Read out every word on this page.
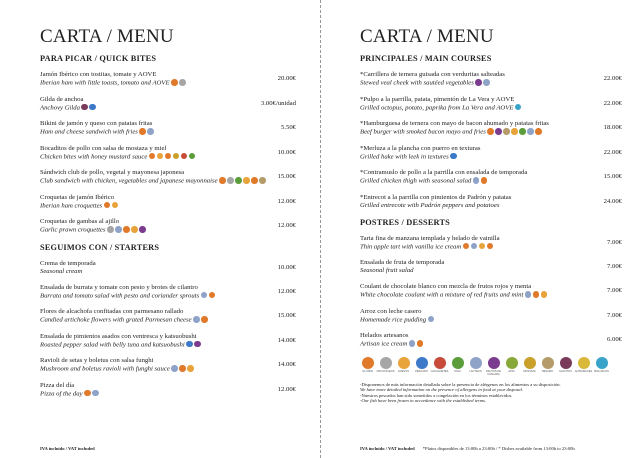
CARTA / MENU
PARA PICAR / QUICK BITES
Jamón Ibérico con tostitas, tomate y AOVE
Iberian ham with little toasts, tomato and AOVE
20.00€
Gilda de anchoa
Anchovy Gilda
3.00€/unidad
Bikini de jamón y queso con patatas fritas
Ham and cheese sandwich with fries
5.50€
Bocaditos de pollo con salsa de mostaza y miel
Chicken bites with honey mustard sauce
10.00€
Sándwich club de pollo, vegetal y mayonesa japonesa
Club sandwich with chicken, vegetables and japanese mayonnaise
15.00€
Croquetas de jamón Ibérico
Iberian ham croquettes
12.00€
Croquetas de gambas al ajillo
Garlic prawn croquettes
12.00€
SEGUIMOS CON / STARTERS
Crema de temporada
Seasonal cream
10.00€
Ensalada de burrata y tomate con pesto y brotes de cilantro
Burrata and tomato salad with pesto and coriander sprouts
12.00€
Flores de alcachofa confitadas con parmesano rallado
Candied artichoke flowers with grated Parmesan cheese
15.00€
Ensalada de pimientos asados con ventresca y katsuobushi
Roasted pepper salad with belly tuna and katsuobushi
14.00€
Ravioli de setas y boletus con salsa funghi
Mushroom and boletus ravioli with funghi sauce
14.00€
Pizza del día
Pizza of the day
12.00€
IVA incluido / VAT included
CARTA / MENU
PRINCIPALES / MAIN COURSES
*Carrillera de ternera guisada con verduritas salteadas
Stewed veal cheek with sautéed vegetables
22.00€
*Pulpo a la parrilla, patata, pimentón de La Vera y AOVE
Grilled octopus, potato, paprika from La Vera and AOVE
22.00€
*Hamburguesa de ternera con mayo de bacon ahumado y patatas fritas
Beef burger with smoked bacon mayo and fries
18.00€
*Merluza a la plancha con puerro en texturas
Grilled hake with leek in textures
22.00€
*Contramuslo de pollo a la parrilla con ensalada de temporada
Grilled chicken thigh with seasonal salad
15.00€
*Entrecot a la parrilla con pimientos de Padrón y patatas
Grilled entrecote with Padrón peppers and potatoes
24.00€
POSTRES / DESSERTS
Tarta fina de manzana templada y helado de vainilla
Thin apple tart with vanilla ice cream
7.00€
Ensalada de fruta de temporada
Seasonal fruit salad
7.00€
Coulant de chocolate blanco con mezcla de frutos rojos y menta
White chocolate coulant with a mixture of red fruits and mint
7.00€
Arroz con leche casero
Homemade rice pudding
7.00€
Helados artesanos
Artisan ice cream
6.00€
GLUTEN CRUSTÁCEOS HUEVOS PESCADO CACAHUETES SOJA	LÁCTEOS FRUTOS DE CÁSCARA
APIO	MOSTAZA SÉSAMO SULFITOS ALTRAMUCES MOLUSCOS
-Disponemos de más información detallada sobre la presencia de alérgenos en los alimentos a su disposición.
We have more detailed information on the presence of allergens in food at your disposal.
-Nuestros pescados han sido sometidos a congelación en los términos establecidos.
-Our fish have been frozen in accordance with the established terms.
IVA incluido / VAT included *Platos disponibles de 13:00h a 23:00h / * Dishes available from 13:00h to 23:00h
